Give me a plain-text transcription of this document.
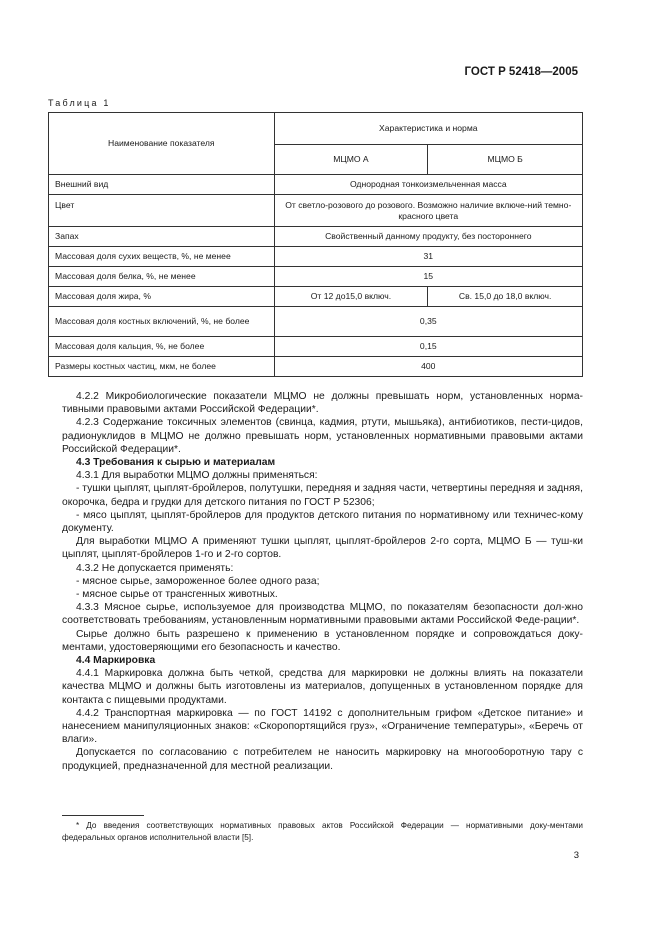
ГОСТ Р 52418—2005
Таблица 1
Наименование показателя	Характеристика и норма	
	МЦМО А	МЦМО Б
Внешний вид	Однородная тонкоизмельченная масса	
Цвет	От светло-розового до розового. Возможно наличие включе-ний темно-красного цвета	
Запах	Свойственный данному продукту, без постороннего	
Массовая доля сухих веществ, %, не менее	31	
Массовая доля белка, %, не менее	15	
Массовая доля жира, %	От 12 до15,0 включ.	Св. 15,0 до 18,0 включ.
Массовая доля костных включений, %, не более	0,35	
Массовая доля кальция, %, не более	0,15	
Размеры костных частиц, мкм, не более	400	

4.2.2 Микробиологические показатели МЦМО не должны превышать норм, установленных норма-тивными правовыми актами Российской Федерации*.

4.2.3 Содержание токсичных элементов (свинца, кадмия, ртути, мышьяка), антибиотиков, пести-цидов, радионуклидов в МЦМО не должно превышать норм, установленных нормативными правовыми актами Российской Федерации*.

4.3 Требования к сырью и материалам

4.3.1 Для выработки МЦМО должны применяться:

- тушки цыплят, цыплят-бройлеров, полутушки, передняя и задняя части, четвертины передняя и задняя, окорочка, бедра и грудки для детского питания по ГОСТ Р 52306;

- мясо цыплят, цыплят-бройлеров для продуктов детского питания по нормативному или техничес-кому документу.

Для выработки МЦМО А применяют тушки цыплят, цыплят-бройлеров 2-го сорта, МЦМО Б — туш-ки цыплят, цыплят-бройлеров 1-го и 2-го сортов.

4.3.2 Не допускается применять:

- мясное сырье, замороженное более одного раза;

- мясное сырье от трансгенных животных.

4.3.3 Мясное сырье, используемое для производства МЦМО, по показателям безопасности дол-жно соответствовать требованиям, установленным нормативными правовыми актами Российской Феде-рации*.

Сырье должно быть разрешено к применению в установленном порядке и сопровождаться доку-ментами, удостоверяющими его безопасность и качество.

4.4 Маркировка

4.4.1 Маркировка должна быть четкой, средства для маркировки не должны влиять на показатели качества МЦМО и должны быть изготовлены из материалов, допущенных в установленном порядке для контакта с пищевыми продуктами.

4.4.2 Транспортная маркировка — по ГОСТ 14192 с дополнительным грифом «Детское питание» и нанесением манипуляционных знаков: «Скоропортящийся груз», «Ограничение температуры», «Беречь от влаги».

Допускается по согласованию с потребителем не наносить маркировку на многооборотную тару с продукцией, предназначенной для местной реализации.

* До введения соответствующих нормативных правовых актов Российской Федерации — нормативными доку-ментами федеральных органов исполнительной власти [5].
3
